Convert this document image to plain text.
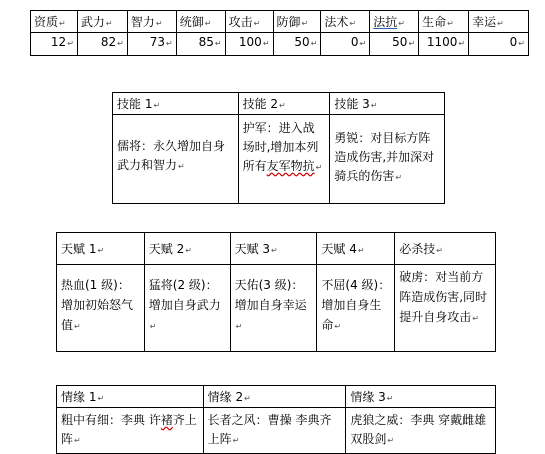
资质↵	武力↵	智力↵	统御↵	攻击↵	防御↵	法术↵	法抗↵	生命↵	幸运↵
12↵	82↵	73↵	85↵	100↵	50↵	0↵	50↵	1100↵	0↵
技能 1↵	技能 2↵	技能 3↵
儒将：永久增加自身武力和智力↵	护军：进入战场时,增加本列所有友军物抗↵	勇锐：对目标方阵造成伤害,并加深对骑兵的伤害↵
天赋 1↵	天赋 2↵	天赋 3↵	天赋 4↵	必杀技↵
热血(1 级)：增加初始怒气值↵	猛将(2 级)：增加自身武力↵	天佑(3 级)：增加自身幸运↵	不屈(4 级)：增加自身生命↵	破虏：对当前方阵造成伤害,同时提升自身攻击↵
情缘 1↵	情缘 2↵	情缘 3↵
粗中有细：李典 许褚齐上阵↵	长者之风：曹操 李典齐上阵↵	虎狼之威：李典 穿戴雌雄双股剑↵
